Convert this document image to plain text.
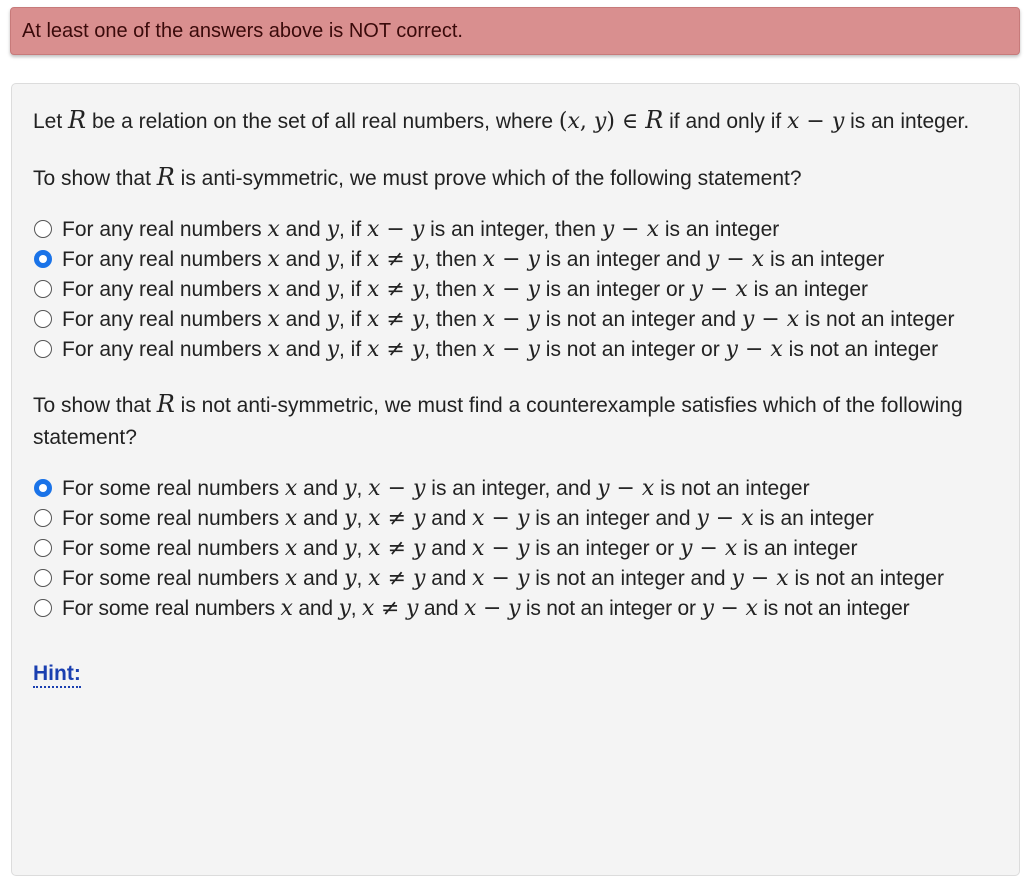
At least one of the answers above is NOT correct.

Let R be a relation on the set of all real numbers, where (x, y) ∈ R if and only if x − y is an integer.

To show that R is anti-symmetric, we must prove which of the following statement?

For any real numbers x and y, if x − y is an integer, then y − x is an integer
For any real numbers x and y, if x ≠ y, then x − y is an integer and y − x is an integer
For any real numbers x and y, if x ≠ y, then x − y is an integer or y − x is an integer
For any real numbers x and y, if x ≠ y, then x − y is not an integer and y − x is not an integer
For any real numbers x and y, if x ≠ y, then x − y is not an integer or y − x is not an integer

To show that R is not anti-symmetric, we must find a counterexample satisfies which of the following statement?

For some real numbers x and y, x − y is an integer, and y − x is not an integer
For some real numbers x and y, x ≠ y and x − y is an integer and y − x is an integer
For some real numbers x and y, x ≠ y and x − y is an integer or y − x is an integer
For some real numbers x and y, x ≠ y and x − y is not an integer and y − x is not an integer
For some real numbers x and y, x ≠ y and x − y is not an integer or y − x is not an integer
Hint:
